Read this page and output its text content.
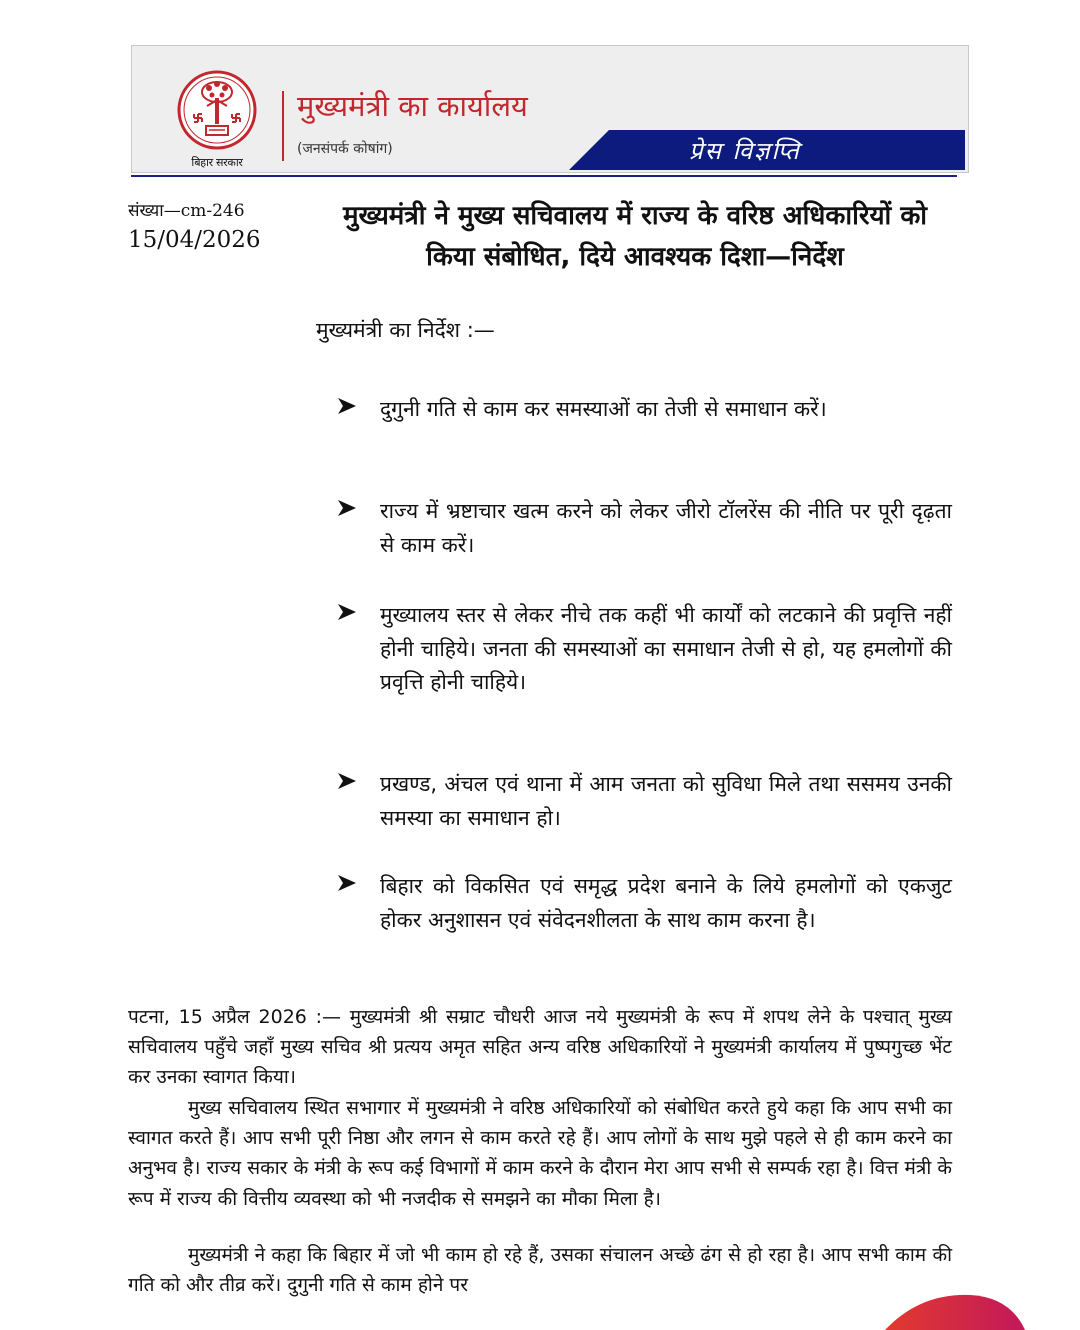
बिहार सरकार
मुख्यमंत्री का कार्यालय
(जनसंपर्क कोषांग)	प्रेस विज्ञप्ति
संख्या—cm-246
15/04/2026
मुख्यमंत्री ने मुख्य सचिवालय में राज्य के वरिष्ठ अधिकारियों को किया संबोधित, दिये आवश्यक दिशा—निर्देश
मुख्यमंत्री का निर्देश :—
दुगुनी गति से काम कर समस्याओं का तेजी से समाधान करें।
राज्य में भ्रष्टाचार खत्म करने को लेकर जीरो टॉलरेंस की नीति पर पूरी दृढ़ता से काम करें।
मुख्यालय स्तर से लेकर नीचे तक कहीं भी कार्यों को लटकाने की प्रवृत्ति नहीं होनी चाहिये। जनता की समस्याओं का समाधान तेजी से हो, यह हमलोगों की प्रवृत्ति होनी चाहिये।
प्रखण्ड, अंचल एवं थाना में आम जनता को सुविधा मिले तथा ससमय उनकी समस्या का समाधान हो।
बिहार को विकसित एवं समृद्ध प्रदेश बनाने के लिये हमलोगों को एकजुट होकर अनुशासन एवं संवेदनशीलता के साथ काम करना है।
पटना, 15 अप्रैल 2026 :— मुख्यमंत्री श्री सम्राट चौधरी आज नये मुख्यमंत्री के रूप में शपथ लेने के पश्चात् मुख्य सचिवालय पहुँचे जहाँ मुख्य सचिव श्री प्रत्यय अमृत सहित अन्य वरिष्ठ अधिकारियों ने मुख्यमंत्री कार्यालय में पुष्पगुच्छ भेंट कर उनका स्वागत किया।
मुख्य सचिवालय स्थित सभागार में मुख्यमंत्री ने वरिष्ठ अधिकारियों को संबोधित करते हुये कहा कि आप सभी का स्वागत करते हैं। आप सभी पूरी निष्ठा और लगन से काम करते रहे हैं। आप लोगों के साथ मुझे पहले से ही काम करने का अनुभव है। राज्य सकार के मंत्री के रूप कई विभागों में काम करने के दौरान मेरा आप सभी से सम्पर्क रहा है। वित्त मंत्री के रूप में राज्य की वित्तीय व्यवस्था को भी नजदीक से समझने का मौका मिला है।
मुख्यमंत्री ने कहा कि बिहार में जो भी काम हो रहे हैं, उसका संचालन अच्छे ढंग से हो रहा है। आप सभी काम की गति को और तीव्र करें। दुगुनी गति से काम होने पर
